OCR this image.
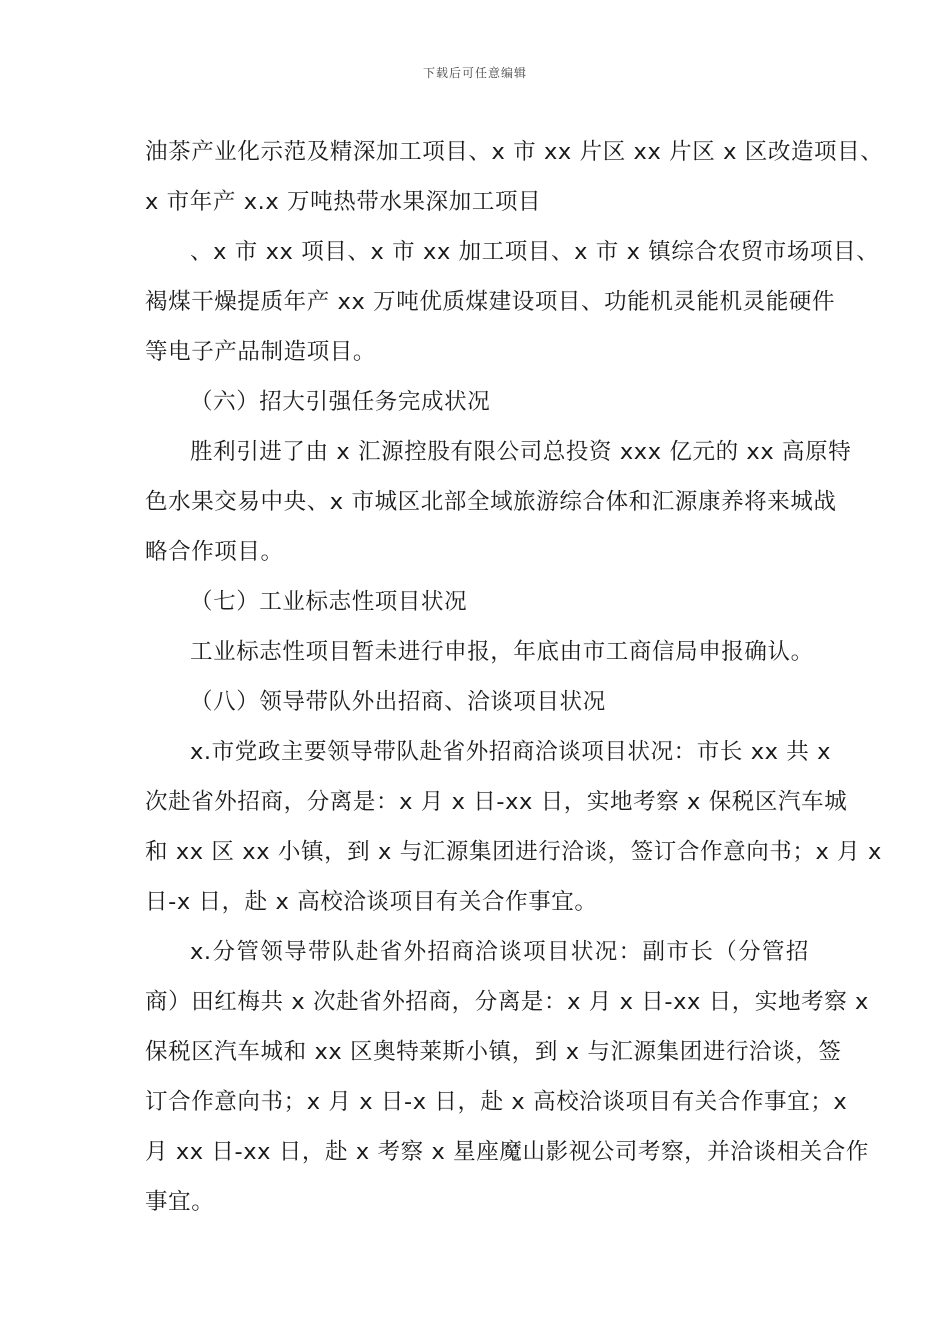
下载后可任意编辑
油茶产业化示范及精深加工项目、x 市 xx 片区 xx 片区 x 区改造项目、
x 市年产 x.x 万吨热带水果深加工项目
、x 市 xx 项目、x 市 xx 加工项目、x 市 x 镇综合农贸市场项目、
褐煤干燥提质年产 xx 万吨优质煤建设项目、功能机灵能机灵能硬件
等电子产品制造项目。
（六）招大引强任务完成状况
胜利引进了由 x 汇源控股有限公司总投资 xxx 亿元的 xx 高原特
色水果交易中央、x 市城区北部全域旅游综合体和汇源康养将来城战
略合作项目。
（七）工业标志性项目状况
工业标志性项目暂未进行申报，年底由市工商信局申报确认。
（八）领导带队外出招商、洽谈项目状况
x.市党政主要领导带队赴省外招商洽谈项目状况：市长 xx 共 x
次赴省外招商，分离是：x 月 x 日-xx 日，实地考察 x 保税区汽车城
和 xx 区 xx 小镇，到 x 与汇源集团进行洽谈，签订合作意向书；x 月 x
日-x 日，赴 x 高校洽谈项目有关合作事宜。
x.分管领导带队赴省外招商洽谈项目状况：副市长（分管招
商）田红梅共 x 次赴省外招商，分离是：x 月 x 日-xx 日，实地考察 x
保税区汽车城和 xx 区奥特莱斯小镇，到 x 与汇源集团进行洽谈，签
订合作意向书；x 月 x 日-x 日，赴 x 高校洽谈项目有关合作事宜；x
月 xx 日-xx 日，赴 x 考察 x 星座魔山影视公司考察，并洽谈相关合作
事宜。
